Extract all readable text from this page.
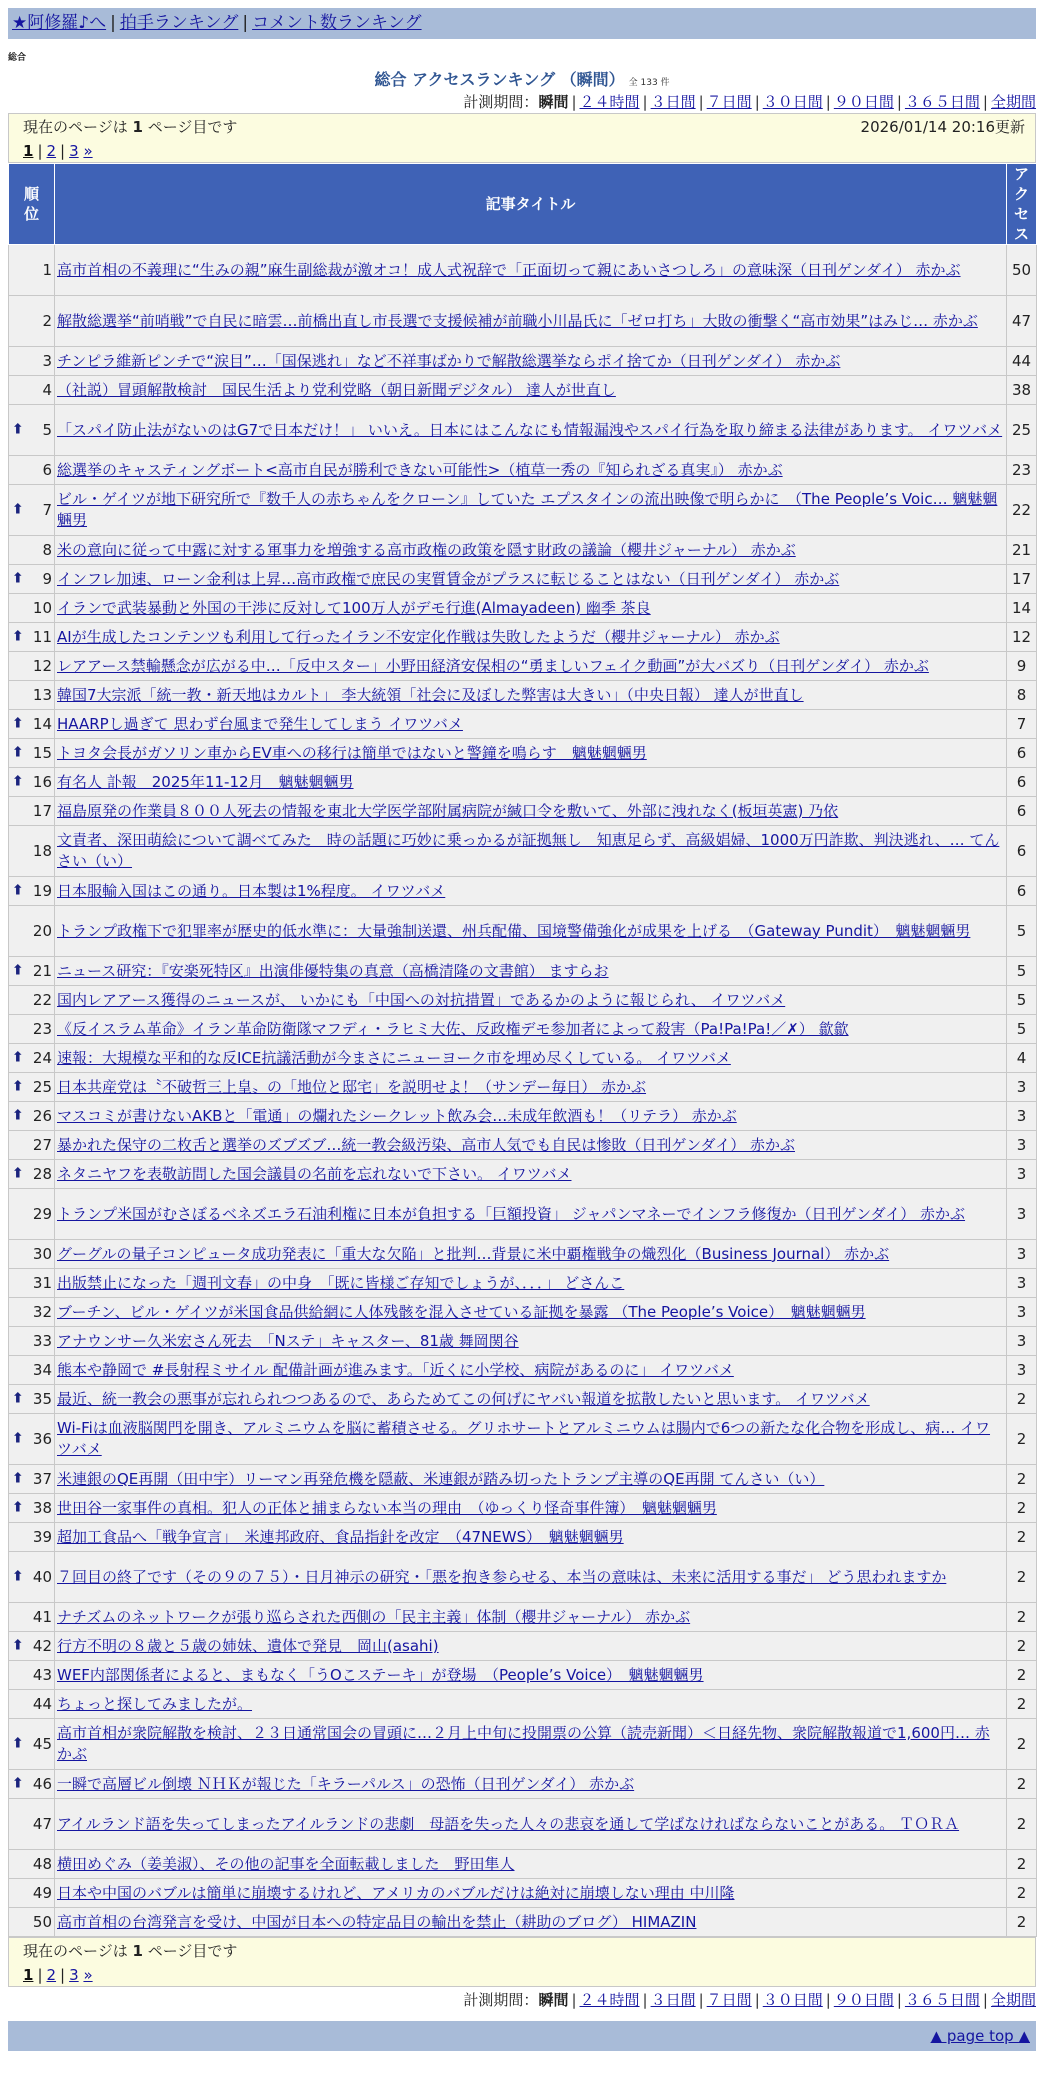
★阿修羅♪へ | 拍手ランキング | コメント数ランキング
総合
総合 アクセスランキング （瞬間） 全 133 件
計測期間：瞬間 | ２４時間 | ３日間 | ７日間 | ３０日間 | ９０日間 | ３６５日間 | 全期間
現在のページは 1 ページ目です	2026/01/14 20:16更新
1 | 2 | 3 »
順位	記事タイトル	アクセス
1	高市首相の不義理に“生みの親”麻生副総裁が激オコ！成人式祝辞で「正面切って親にあいさつしろ」の意味深（日刊ゲンダイ） 赤かぶ	50
2	解散総選挙“前哨戦”で自民に暗雲…前橋出直し市長選で支援候補が前職小川晶氏に「ゼロ打ち」大敗の衝撃く“高市効果”はみじ… 赤かぶ	47
3	チンピラ維新ピンチで“涙目”…「国保逃れ」など不祥事ばかりで解散総選挙ならポイ捨てか（日刊ゲンダイ） 赤かぶ	44
4	（社説）冒頭解散検討　国民生活より党利党略（朝日新聞デジタル） 達人が世直し	38

⬆ 5	「スパイ防止法がないのはG7で日本だけ！」 いいえ。日本にはこんなにも情報漏洩やスパイ行為を取り締まる法律があります。 イワツバメ	25
6	総選挙のキャスティングボート<高市自民が勝利できない可能性>（植草一秀の『知られざる真実』） 赤かぶ	23

⬆ 7	ビル・ゲイツが地下研究所で『数千人の赤ちゃんをクローン』していた エプスタインの流出映像で明らかに　（The People’s Voic… 魑魅魍魎男	22
8	米の意向に従って中露に対する軍事力を増強する高市政権の政策を隠す財政の議論（櫻井ジャーナル） 赤かぶ	21

⬆ 9	インフレ加速、ローン金利は上昇…高市政権で庶民の実質賃金がプラスに転じることはない（日刊ゲンダイ） 赤かぶ	17
10	イランで武装暴動と外国の干渉に反対して100万人がデモ行進(Almayadeen) 幽季 茶良	14

⬆ 11	AIが生成したコンテンツも利用して行ったイラン不安定化作戦は失敗したようだ（櫻井ジャーナル） 赤かぶ	12
12	レアアース禁輸懸念が広がる中…「反中スター」小野田経済安保相の“勇ましいフェイク動画”が大バズり（日刊ゲンダイ） 赤かぶ	9
13	韓国7大宗派「統一教・新天地はカルト」 李大統領「社会に及ぼした弊害は大きい」（中央日報） 達人が世直し	8

⬆ 14	HAARPし過ぎて 思わず台風まで発生してしまう イワツバメ	7

⬆ 15	トヨタ会長がガソリン車からEV車への移行は簡単ではないと警鐘を鳴らす　魑魅魍魎男	6

⬆ 16	有名人 訃報　2025年11-12月　魑魅魍魎男	6
17	福島原発の作業員８００人死去の情報を東北大学医学部附属病院が緘口令を敷いて、外部に洩れなく(板垣英憲) 乃依	6
18	文責者、深田萌絵について調べてみた　時の話題に巧妙に乗っかるが証拠無し　知恵足らず、高級娼婦、1000万円詐欺、判決逃れ、… てんさい（い）	6

⬆ 19	日本服輸入国はこの通り。日本製は1%程度。 イワツバメ	6
20	トランプ政権下で犯罪率が歴史的低水準に：大量強制送還、州兵配備、国境警備強化が成果を上げる　（Gateway Pundit）　魑魅魍魎男	5

⬆ 21	ニュース研究：『安楽死特区』出演俳優特集の真意（高橋清隆の文書館） ますらお	5
22	国内レアアース獲得のニュースが、 いかにも「中国への対抗措置」であるかのように報じられ、 イワツバメ	5
23	《反イスラム革命》イラン革命防衛隊マフディ・ラヒミ大佐、反政権デモ参加者によって殺害（Pa!Pa!Pa!／✗） 歙歙	5

⬆ 24	速報：大規模な平和的な反ICE抗議活動が今まさにニューヨーク市を埋め尽くしている。 イワツバメ	4

⬆ 25	日本共産党は〝不破哲三上皇〟の「地位と邸宅」を説明せよ！（サンデー毎日） 赤かぶ	3

⬆ 26	マスコミが書けないAKBと「電通」の爛れたシークレット飲み会…未成年飲酒も！（リテラ） 赤かぶ	3
27	暴かれた保守の二枚舌と選挙のズブズブ…統一教会級汚染、高市人気でも自民は惨敗（日刊ゲンダイ） 赤かぶ	3

⬆ 28	ネタニヤフを表敬訪問した国会議員の名前を忘れないで下さい。 イワツバメ	3
29	トランプ米国がむさぼるベネズエラ石油利権に日本が負担する「巨額投資」 ジャパンマネーでインフラ修復か（日刊ゲンダイ） 赤かぶ	3
30	グーグルの量子コンピュータ成功発表に「重大な欠陥」と批判…背景に米中覇権戦争の熾烈化（Business Journal） 赤かぶ	3
31	出版禁止になった「週刊文春」の中身　「既に皆様ご存知でしょうが、．．．」 どさんこ	3
32	ブーチン、ビル・ゲイツが米国食品供給網に人体残骸を混入させている証拠を暴露 （The People’s Voice）　魑魅魍魎男	3
33	アナウンサー久米宏さん死去　「Nステ」キャスター、81歳 舞岡関谷	3
34	熊本や静岡で #長射程ミサイル 配備計画が進みます。「近くに小学校、病院があるのに」 イワツバメ	3

⬆ 35	最近、統一教会の悪事が忘れられつつあるので、あらためてこの何げにヤバい報道を拡散したいと思います。 イワツバメ	2

⬆ 36	Wi-Fiは血液脳関門を開き、アルミニウムを脳に蓄積させる。グリホサートとアルミニウムは腸内で6つの新たな化合物を形成し、病… イワツバメ	2

⬆ 37	米連銀のQE再開（田中宇）リーマン再発危機を隠蔽、米連銀が踏み切ったトランプ主導のQE再開 てんさい（い）	2

⬆ 38	世田谷一家事件の真相。犯人の正体と捕まらない本当の理由　（ゆっくり怪奇事件簿）　魑魅魍魎男	2
39	超加工食品へ「戦争宣言」　米連邦政府、食品指針を改定　（47NEWS）　魑魅魍魎男	2

⬆ 40	７回目の終了です（その９の７５）・日月神示の研究・「悪を抱き参らせる、本当の意味は、未来に活用する事だ」 どう思われますか	2
41	ナチズムのネットワークが張り巡らされた西側の「民主主義」体制（櫻井ジャーナル） 赤かぶ	2

⬆ 42	行方不明の８歳と５歳の姉妹、遺体で発見　岡山(asahi)	2
43	WEF内部関係者によると、まもなく「うOこステーキ」が登場　（People’s Voice）　魑魅魍魎男	2
44	ちょっと探してみましたが。	2

⬆ 45	高市首相が衆院解散を検討、２３日通常国会の冒頭に…２月上中旬に投開票の公算（読売新聞）＜日経先物、衆院解散報道で1,600円… 赤かぶ	2

⬆ 46	一瞬で高層ビル倒壊 ＮＨＫが報じた「キラーパルス」の恐怖（日刊ゲンダイ） 赤かぶ	2
47	アイルランド語を失ってしまったアイルランドの悲劇　母語を失った人々の悲哀を通して学ばなければならないことがある。 ＴＯＲＡ	2
48	横田めぐみ（姜美淑）、その他の記事を全面転載しました　野田隼人	2
49	日本や中国のバブルは簡単に崩壊するけれど、アメリカのバブルだけは絶対に崩壊しない理由 中川隆	2
50	高市首相の台湾発言を受け、中国が日本への特定品目の輸出を禁止（耕助のブログ） HIMAZIN	2
現在のページは 1 ページ目です
1 | 2 | 3 »
計測期間：瞬間 | ２４時間 | ３日間 | ７日間 | ３０日間 | ９０日間 | ３６５日間 | 全期間
▲ page top ▲
